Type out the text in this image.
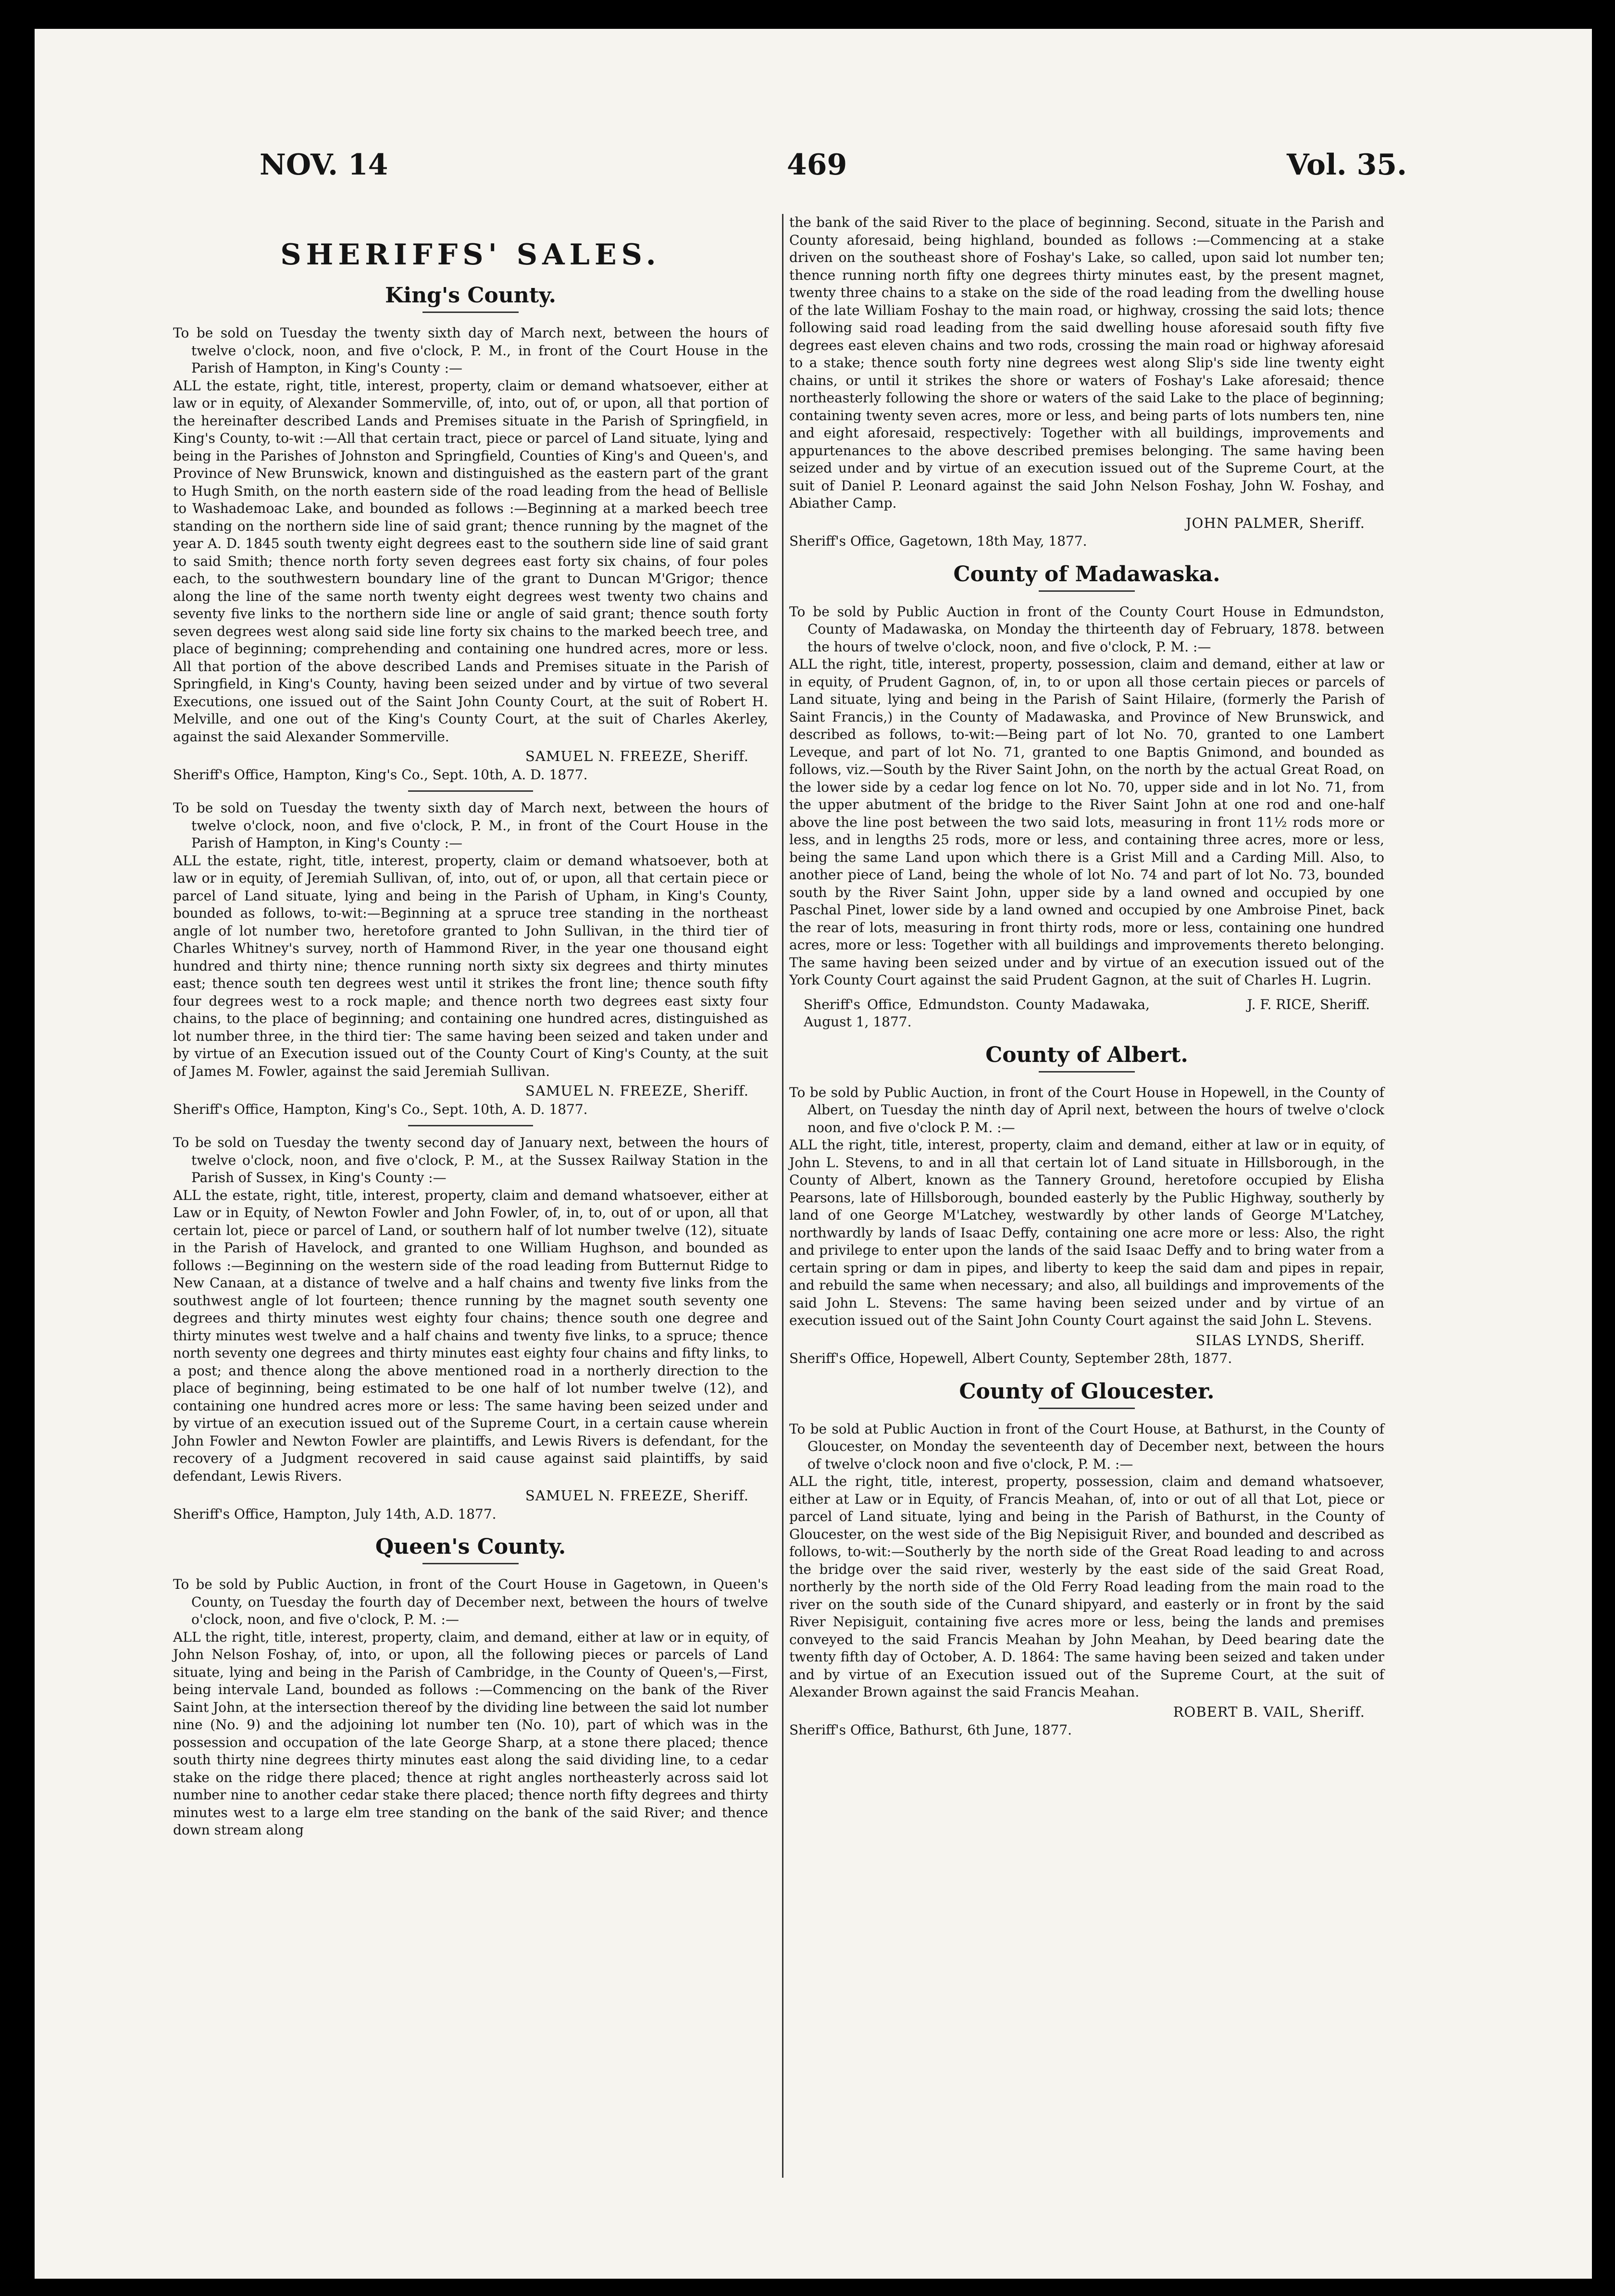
NOV. 14	469	Vol. 35.
SHERIFFS' SALES.
King's County.

To be sold on Tuesday the twenty sixth day of March next, between the hours of twelve o'clock, noon, and five o'clock, P. M., in front of the Court House in the Parish of Hampton, in King's County :—

ALL the estate, right, title, interest, property, claim or demand whatsoever, either at law or in equity, of Alexander Sommerville, of, into, out of, or upon, all that portion of the hereinafter described Lands and Premises situate in the Parish of Springfield, in King's County, to-wit :—All that certain tract, piece or parcel of Land situate, lying and being in the Parishes of Johnston and Springfield, Counties of King's and Queen's, and Province of New Brunswick, known and distinguished as the eastern part of the grant to Hugh Smith, on the north eastern side of the road leading from the head of Bellisle to Washademoac Lake, and bounded as follows :—Beginning at a marked beech tree standing on the northern side line of said grant; thence running by the magnet of the year A. D. 1845 south twenty eight degrees east to the southern side line of said grant to said Smith; thence north forty seven degrees east forty six chains, of four poles each, to the southwestern boundary line of the grant to Duncan M'Grigor; thence along the line of the same north twenty eight degrees west twenty two chains and seventy five links to the northern side line or angle of said grant; thence south forty seven degrees west along said side line forty six chains to the marked beech tree, and place of beginning; comprehending and containing one hundred acres, more or less. All that portion of the above described Lands and Premises situate in the Parish of Springfield, in King's County, having been seized under and by virtue of two several Executions, one issued out of the Saint John County Court, at the suit of Robert H. Melville, and one out of the King's County Court, at the suit of Charles Akerley, against the said Alexander Sommerville.

SAMUEL N. FREEZE, Sheriff.
Sheriff's Office, Hampton, King's Co., Sept. 10th, A. D. 1877.

To be sold on Tuesday the twenty sixth day of March next, between the hours of twelve o'clock, noon, and five o'clock, P. M., in front of the Court House in the Parish of Hampton, in King's County :—

ALL the estate, right, title, interest, property, claim or demand whatsoever, both at law or in equity, of Jeremiah Sullivan, of, into, out of, or upon, all that certain piece or parcel of Land situate, lying and being in the Parish of Upham, in King's County, bounded as follows, to-wit:—Beginning at a spruce tree standing in the northeast angle of lot number two, heretofore granted to John Sullivan, in the third tier of Charles Whitney's survey, north of Hammond River, in the year one thousand eight hundred and thirty nine; thence running north sixty six degrees and thirty minutes east; thence south ten degrees west until it strikes the front line; thence south fifty four degrees west to a rock maple; and thence north two degrees east sixty four chains, to the place of beginning; and containing one hundred acres, distinguished as lot number three, in the third tier: The same having been seized and taken under and by virtue of an Execution issued out of the County Court of King's County, at the suit of James M. Fowler, against the said Jeremiah Sullivan.

SAMUEL N. FREEZE, Sheriff.
Sheriff's Office, Hampton, King's Co., Sept. 10th, A. D. 1877.

To be sold on Tuesday the twenty second day of January next, between the hours of twelve o'clock, noon, and five o'clock, P. M., at the Sussex Railway Station in the Parish of Sussex, in King's County :—

ALL the estate, right, title, interest, property, claim and demand whatsoever, either at Law or in Equity, of Newton Fowler and John Fowler, of, in, to, out of or upon, all that certain lot, piece or parcel of Land, or southern half of lot number twelve (12), situate in the Parish of Havelock, and granted to one William Hughson, and bounded as follows :—Beginning on the western side of the road leading from Butternut Ridge to New Canaan, at a distance of twelve and a half chains and twenty five links from the southwest angle of lot fourteen; thence running by the magnet south seventy one degrees and thirty minutes west eighty four chains; thence south one degree and thirty minutes west twelve and a half chains and twenty five links, to a spruce; thence north seventy one degrees and thirty minutes east eighty four chains and fifty links, to a post; and thence along the above mentioned road in a northerly direction to the place of beginning, being estimated to be one half of lot number twelve (12), and containing one hundred acres more or less: The same having been seized under and by virtue of an execution issued out of the Supreme Court, in a certain cause wherein John Fowler and Newton Fowler are plaintiffs, and Lewis Rivers is defendant, for the recovery of a Judgment recovered in said cause against said plaintiffs, by said defendant, Lewis Rivers.

SAMUEL N. FREEZE, Sheriff.
Sheriff's Office, Hampton, July 14th, A.D. 1877.
Queen's County.

To be sold by Public Auction, in front of the Court House in Gagetown, in Queen's County, on Tuesday the fourth day of December next, between the hours of twelve o'clock, noon, and five o'clock, P. M. :—

ALL the right, title, interest, property, claim, and demand, either at law or in equity, of John Nelson Foshay, of, into, or upon, all the following pieces or parcels of Land situate, lying and being in the Parish of Cambridge, in the County of Queen's,—First, being intervale Land, bounded as follows :—Commencing on the bank of the River Saint John, at the intersection thereof by the dividing line between the said lot number nine (No. 9) and the adjoining lot number ten (No. 10), part of which was in the possession and occupation of the late George Sharp, at a stone there placed; thence south thirty nine degrees thirty minutes east along the said dividing line, to a cedar stake on the ridge there placed; thence at right angles northeasterly across said lot number nine to another cedar stake there placed; thence north fifty degrees and thirty minutes west to a large elm tree standing on the bank of the said River; and thence down stream along

the bank of the said River to the place of beginning. Second, situate in the Parish and County aforesaid, being highland, bounded as follows :—Commencing at a stake driven on the southeast shore of Foshay's Lake, so called, upon said lot number ten; thence running north fifty one degrees thirty minutes east, by the present magnet, twenty three chains to a stake on the side of the road leading from the dwelling house of the late William Foshay to the main road, or highway, crossing the said lots; thence following said road leading from the said dwelling house aforesaid south fifty five degrees east eleven chains and two rods, crossing the main road or highway aforesaid to a stake; thence south forty nine degrees west along Slip's side line twenty eight chains, or until it strikes the shore or waters of Foshay's Lake aforesaid; thence northeasterly following the shore or waters of the said Lake to the place of beginning; containing twenty seven acres, more or less, and being parts of lots numbers ten, nine and eight aforesaid, respectively: Together with all buildings, improvements and appurtenances to the above described premises belonging. The same having been seized under and by virtue of an execution issued out of the Supreme Court, at the suit of Daniel P. Leonard against the said John Nelson Foshay, John W. Foshay, and Abiather Camp.

JOHN PALMER, Sheriff.
Sheriff's Office, Gagetown, 18th May, 1877.
County of Madawaska.

To be sold by Public Auction in front of the County Court House in Edmundston, County of Madawaska, on Monday the thirteenth day of February, 1878. between the hours of twelve o'clock, noon, and five o'clock, P. M. :—

ALL the right, title, interest, property, possession, claim and demand, either at law or in equity, of Prudent Gagnon, of, in, to or upon all those certain pieces or parcels of Land situate, lying and being in the Parish of Saint Hilaire, (formerly the Parish of Saint Francis,) in the County of Madawaska, and Province of New Brunswick, and described as follows, to-wit:—Being part of lot No. 70, granted to one Lambert Leveque, and part of lot No. 71, granted to one Baptis Gnimond, and bounded as follows, viz.—South by the River Saint John, on the north by the actual Great Road, on the lower side by a cedar log fence on lot No. 70, upper side and in lot No. 71, from the upper abutment of the bridge to the River Saint John at one rod and one-half above the line post between the two said lots, measuring in front 11½ rods more or less, and in lengths 25 rods, more or less, and containing three acres, more or less, being the same Land upon which there is a Grist Mill and a Carding Mill. Also, to another piece of Land, being the whole of lot No. 74 and part of lot No. 73, bounded south by the River Saint John, upper side by a land owned and occupied by one Paschal Pinet, lower side by a land owned and occupied by one Ambroise Pinet, back the rear of lots, measuring in front thirty rods, more or less, containing one hundred acres, more or less: Together with all buildings and improvements thereto belonging. The same having been seized under and by virtue of an execution issued out of the York County Court against the said Prudent Gagnon, at the suit of Charles H. Lugrin.

Sheriff's Office, Edmundston. County Madawaka, August 1, 1877.
J. F. RICE, Sheriff.
County of Albert.

To be sold by Public Auction, in front of the Court House in Hopewell, in the County of Albert, on Tuesday the ninth day of April next, between the hours of twelve o'clock noon, and five o'clock P. M. :—

ALL the right, title, interest, property, claim and demand, either at law or in equity, of John L. Stevens, to and in all that certain lot of Land situate in Hillsborough, in the County of Albert, known as the Tannery Ground, heretofore occupied by Elisha Pearsons, late of Hillsborough, bounded easterly by the Public Highway, southerly by land of one George M'Latchey, westwardly by other lands of George M'Latchey, northwardly by lands of Isaac Deffy, containing one acre more or less: Also, the right and privilege to enter upon the lands of the said Isaac Deffy and to bring water from a certain spring or dam in pipes, and liberty to keep the said dam and pipes in repair, and rebuild the same when necessary; and also, all buildings and improvements of the said John L. Stevens: The same having been seized under and by virtue of an execution issued out of the Saint John County Court against the said John L. Stevens.

SILAS LYNDS, Sheriff.
Sheriff's Office, Hopewell, Albert County, September 28th, 1877.
County of Gloucester.

To be sold at Public Auction in front of the Court House, at Bathurst, in the County of Gloucester, on Monday the seventeenth day of December next, between the hours of twelve o'clock noon and five o'clock, P. M. :—

ALL the right, title, interest, property, possession, claim and demand whatsoever, either at Law or in Equity, of Francis Meahan, of, into or out of all that Lot, piece or parcel of Land situate, lying and being in the Parish of Bathurst, in the County of Gloucester, on the west side of the Big Nepisiguit River, and bounded and described as follows, to-wit:—Southerly by the north side of the Great Road leading to and across the bridge over the said river, westerly by the east side of the said Great Road, northerly by the north side of the Old Ferry Road leading from the main road to the river on the south side of the Cunard shipyard, and easterly or in front by the said River Nepisiguit, containing five acres more or less, being the lands and premises conveyed to the said Francis Meahan by John Meahan, by Deed bearing date the twenty fifth day of October, A. D. 1864: The same having been seized and taken under and by virtue of an Execution issued out of the Supreme Court, at the suit of Alexander Brown against the said Francis Meahan.

ROBERT B. VAIL, Sheriff.
Sheriff's Office, Bathurst, 6th June, 1877.
